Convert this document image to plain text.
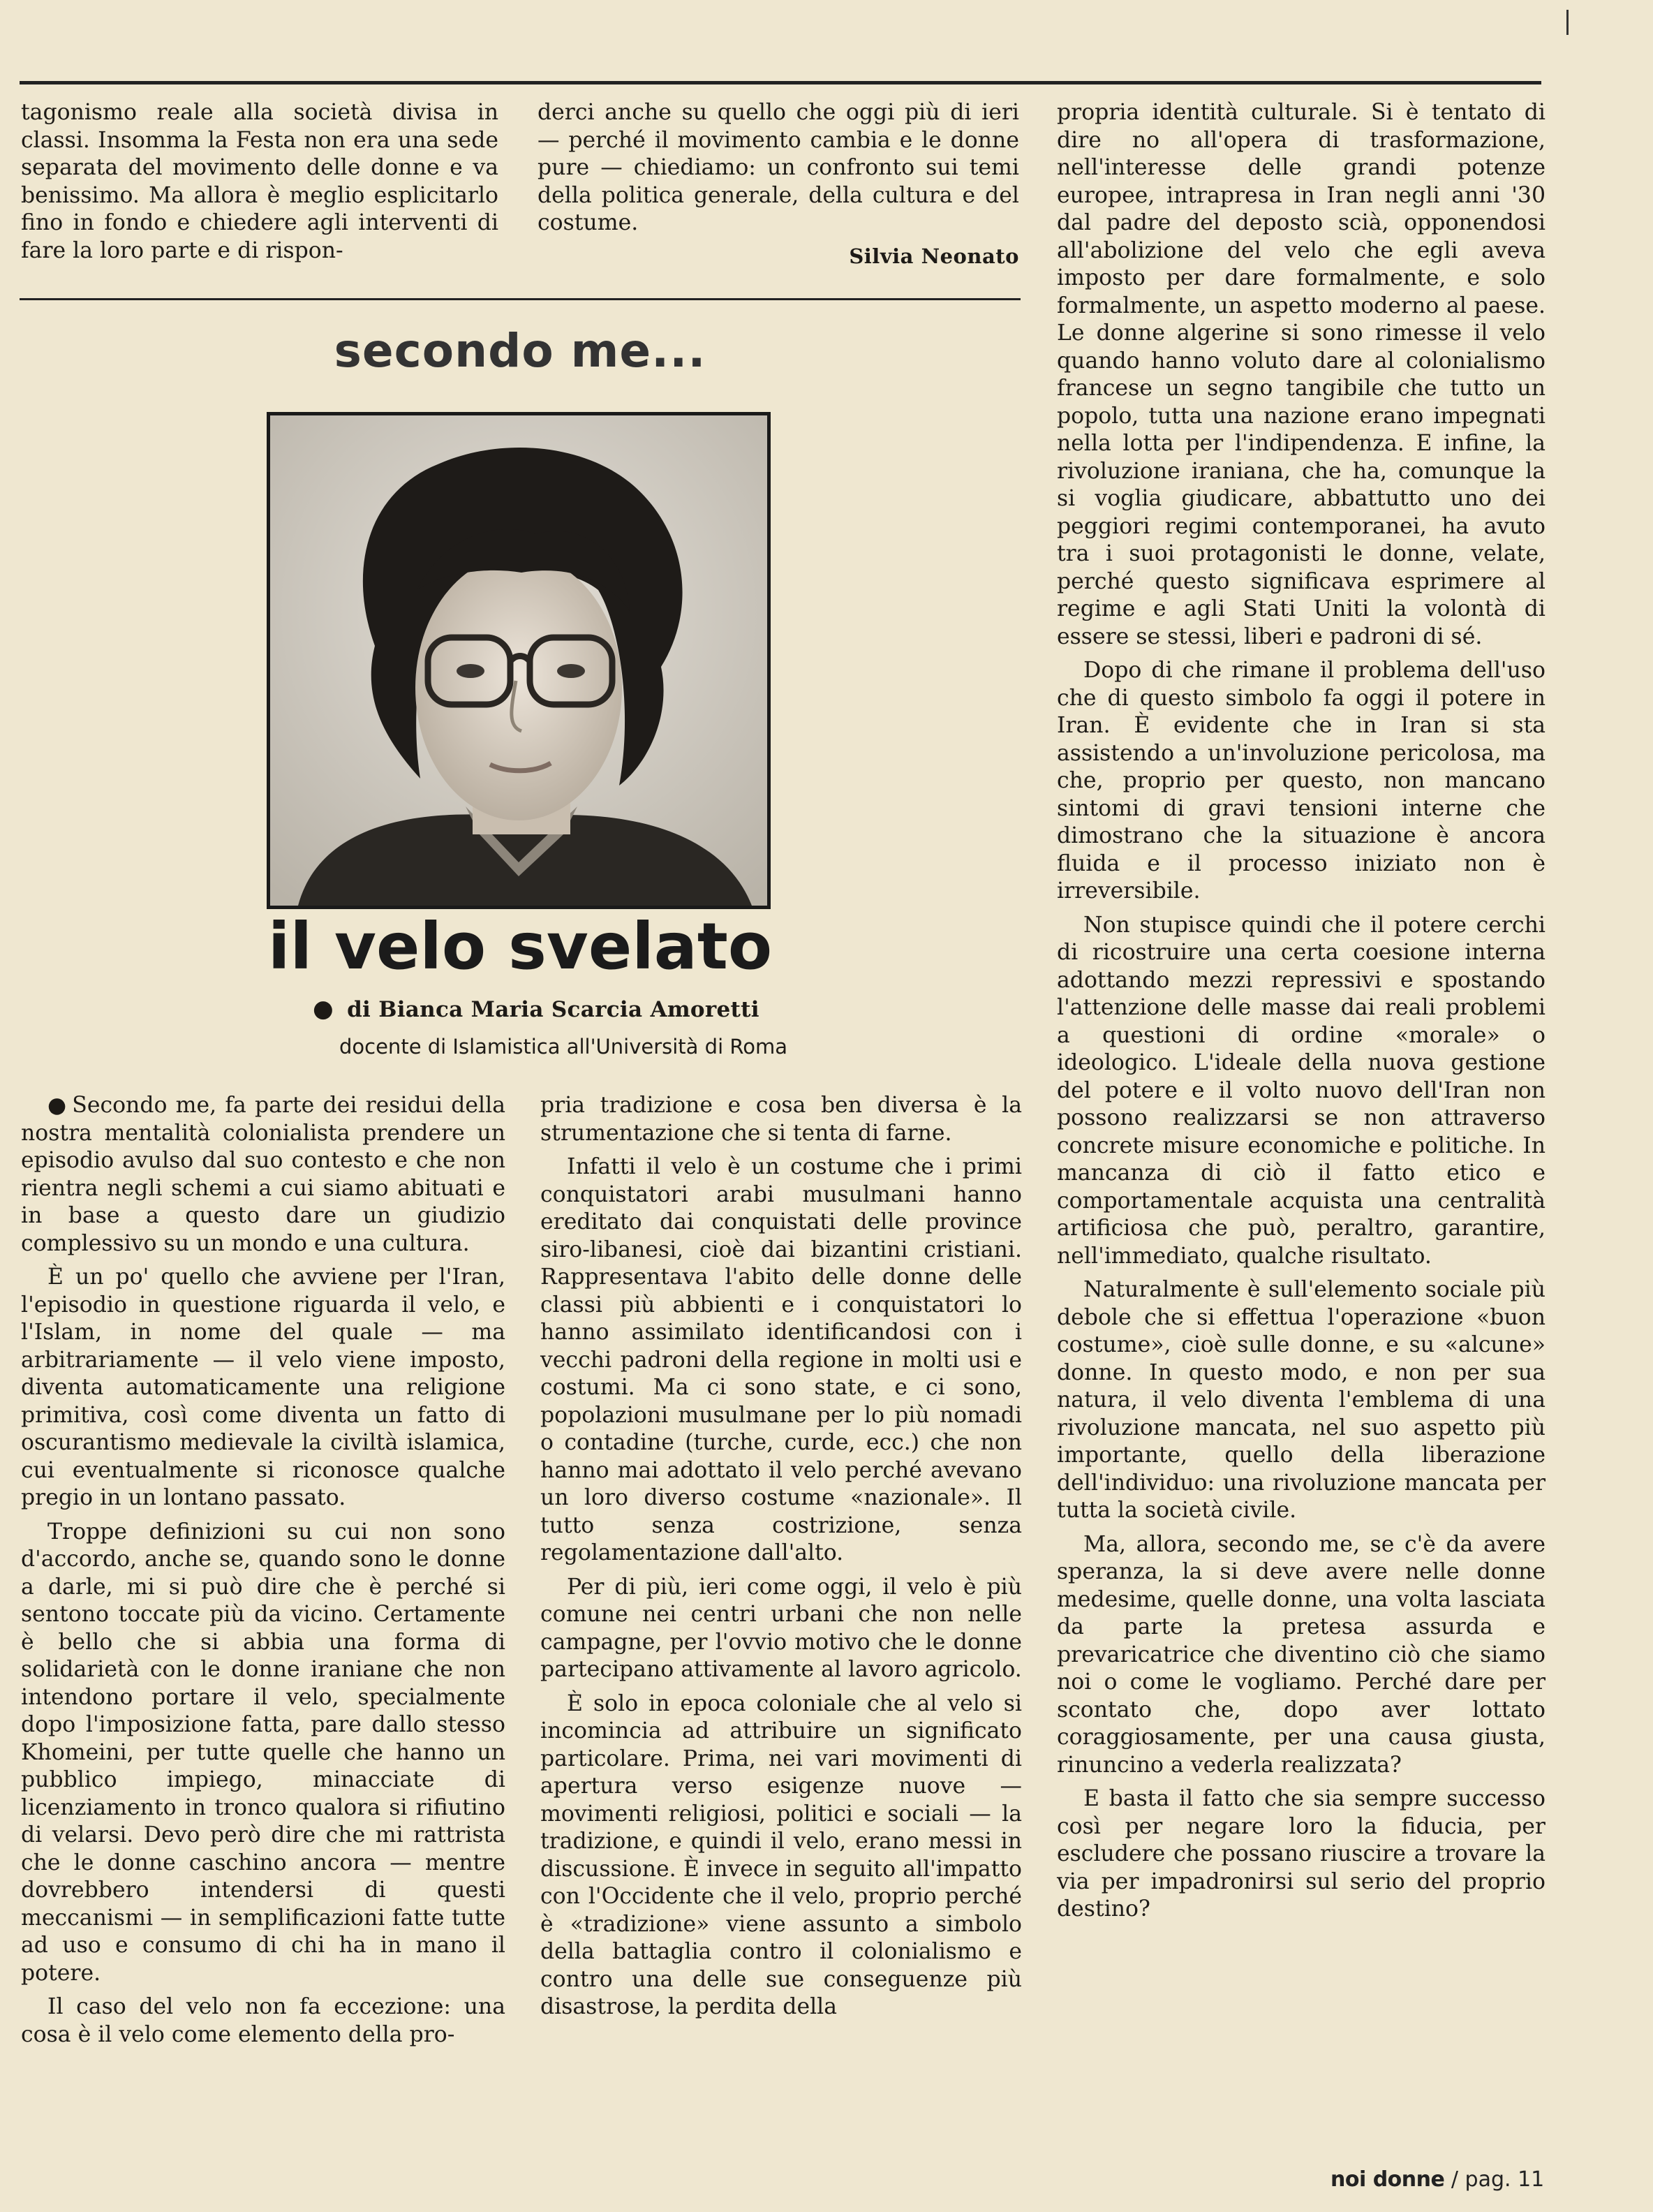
tagonismo reale alla società divisa in classi. Insomma la Festa non era una sede separata del movimento delle donne e va benissimo. Ma allora è meglio esplicitarlo fino in fondo e chiedere agli interventi di fare la loro parte e di rispon-

derci anche su quello che oggi più di ieri — perché il movimento cambia e le donne pure — chiediamo: un confronto sui temi della politica generale, della cultura e del costume.

Silvia Neonato
secondo me...
il velo svelato
● di Bianca Maria Scarcia Amoretti
docente di Islamistica all'Università di Roma

● Secondo me, fa parte dei residui della nostra mentalità colonialista prendere un episodio avulso dal suo contesto e che non rientra negli schemi a cui siamo abituati e in base a questo dare un giudizio complessivo su un mondo e una cultura.

È un po' quello che avviene per l'Iran, l'episodio in questione riguarda il velo, e l'Islam, in nome del quale — ma arbitrariamente — il velo viene imposto, diventa automaticamente una religione primitiva, così come diventa un fatto di oscurantismo medievale la civiltà islamica, cui eventualmente si riconosce qualche pregio in un lontano passato.

Troppe definizioni su cui non sono d'accordo, anche se, quando sono le donne a darle, mi si può dire che è perché si sentono toccate più da vicino. Certamente è bello che si abbia una forma di solidarietà con le donne iraniane che non intendono portare il velo, specialmente dopo l'imposizione fatta, pare dallo stesso Khomeini, per tutte quelle che hanno un pubblico impiego, minacciate di licenziamento in tronco qualora si rifiutino di velarsi. Devo però dire che mi rattrista che le donne caschino ancora — mentre dovrebbero intendersi di questi meccanismi — in semplificazioni fatte tutte ad uso e consumo di chi ha in mano il potere.

Il caso del velo non fa eccezione: una cosa è il velo come elemento della pro-

pria tradizione e cosa ben diversa è la strumentazione che si tenta di farne.

Infatti il velo è un costume che i primi conquistatori arabi musulmani hanno ereditato dai conquistati delle province siro-libanesi, cioè dai bizantini cristiani. Rappresentava l'abito delle donne delle classi più abbienti e i conquistatori lo hanno assimilato identificandosi con i vecchi padroni della regione in molti usi e costumi. Ma ci sono state, e ci sono, popolazioni musulmane per lo più nomadi o contadine (turche, curde, ecc.) che non hanno mai adottato il velo perché avevano un loro diverso costume «nazionale». Il tutto senza costrizione, senza regolamentazione dall'alto.

Per di più, ieri come oggi, il velo è più comune nei centri urbani che non nelle campagne, per l'ovvio motivo che le donne partecipano attivamente al lavoro agricolo.

È solo in epoca coloniale che al velo si incomincia ad attribuire un significato particolare. Prima, nei vari movimenti di apertura verso esigenze nuove — movimenti religiosi, politici e sociali — la tradizione, e quindi il velo, erano messi in discussione. È invece in seguito all'impatto con l'Occidente che il velo, proprio perché è «tradizione» viene assunto a simbolo della battaglia contro il colonialismo e contro una delle sue conseguenze più disastrose, la perdita della

propria identità culturale. Si è tentato di dire no all'opera di trasformazione, nell'interesse delle grandi potenze europee, intrapresa in Iran negli anni '30 dal padre del deposto scià, opponendosi all'abolizione del velo che egli aveva imposto per dare formalmente, e solo formalmente, un aspetto moderno al paese. Le donne algerine si sono rimesse il velo quando hanno voluto dare al colonialismo francese un segno tangibile che tutto un popolo, tutta una nazione erano impegnati nella lotta per l'indipendenza. E infine, la rivoluzione iraniana, che ha, comunque la si voglia giudicare, abbattutto uno dei peggiori regimi contemporanei, ha avuto tra i suoi protagonisti le donne, velate, perché questo significava esprimere al regime e agli Stati Uniti la volontà di essere se stessi, liberi e padroni di sé.

Dopo di che rimane il problema dell'uso che di questo simbolo fa oggi il potere in Iran. È evidente che in Iran si sta assistendo a un'involuzione pericolosa, ma che, proprio per questo, non mancano sintomi di gravi tensioni interne che dimostrano che la situazione è ancora fluida e il processo iniziato non è irreversibile.

Non stupisce quindi che il potere cerchi di ricostruire una certa coesione interna adottando mezzi repressivi e spostando l'attenzione delle masse dai reali problemi a questioni di ordine «morale» o ideologico. L'ideale della nuova gestione del potere e il volto nuovo dell'Iran non possono realizzarsi se non attraverso concrete misure economiche e politiche. In mancanza di ciò il fatto etico e comportamentale acquista una centralità artificiosa che può, peraltro, garantire, nell'immediato, qualche risultato.

Naturalmente è sull'elemento sociale più debole che si effettua l'operazione «buon costume», cioè sulle donne, e su «alcune» donne. In questo modo, e non per sua natura, il velo diventa l'emblema di una rivoluzione mancata, nel suo aspetto più importante, quello della liberazione dell'individuo: una rivoluzione mancata per tutta la società civile.

Ma, allora, secondo me, se c'è da avere speranza, la si deve avere nelle donne medesime, quelle donne, una volta lasciata da parte la pretesa assurda e prevaricatrice che diventino ciò che siamo noi o come le vogliamo. Perché dare per scontato che, dopo aver lottato coraggiosamente, per una causa giusta, rinuncino a vederla realizzata?

E basta il fatto che sia sempre successo così per negare loro la fiducia, per escludere che possano riuscire a trovare la via per impadronirsi sul serio del proprio destino?

noi donne / pag. 11
